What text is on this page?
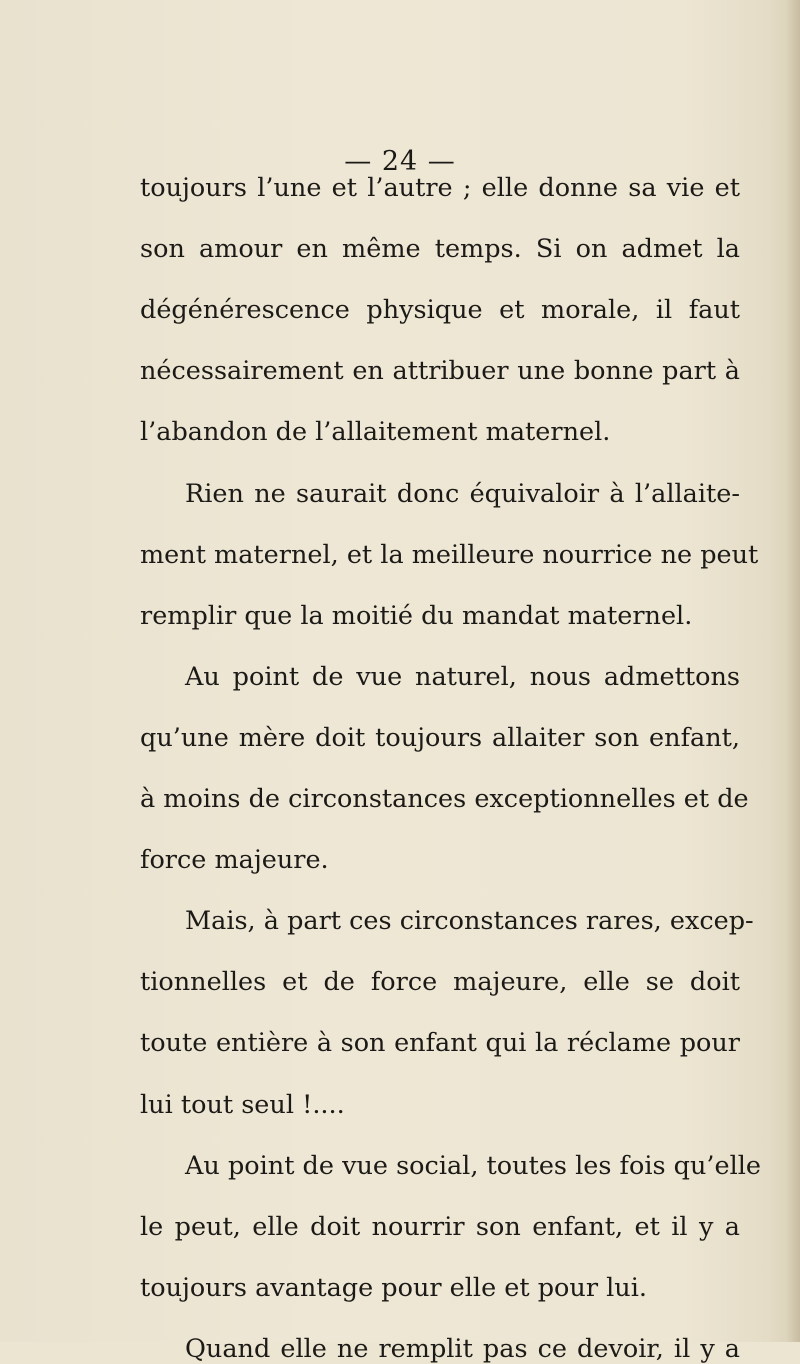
— 24 —
toujours l’une et l’autre ; elle donne sa vie et
son amour en même temps. Si on admet la
dégénérescence physique et morale, il faut
nécessairement en attribuer une bonne part à
l’abandon de l’allaitement maternel.
Rien ne saurait donc équivaloir à l’allaite-
ment maternel, et la meilleure nourrice ne peut
remplir que la moitié du mandat maternel.
Au point de vue naturel, nous admettons
qu’une mère doit toujours allaiter son enfant,
à moins de circonstances exceptionnelles et de
force majeure.
Mais, à part ces circonstances rares, excep-
tionnelles et de force majeure, elle se doit
toute entière à son enfant qui la réclame pour
lui tout seul !....
Au point de vue social, toutes les fois qu’elle
le peut, elle doit nourrir son enfant, et il y a
toujours avantage pour elle et pour lui.
Quand elle ne remplit pas ce devoir, il y a
